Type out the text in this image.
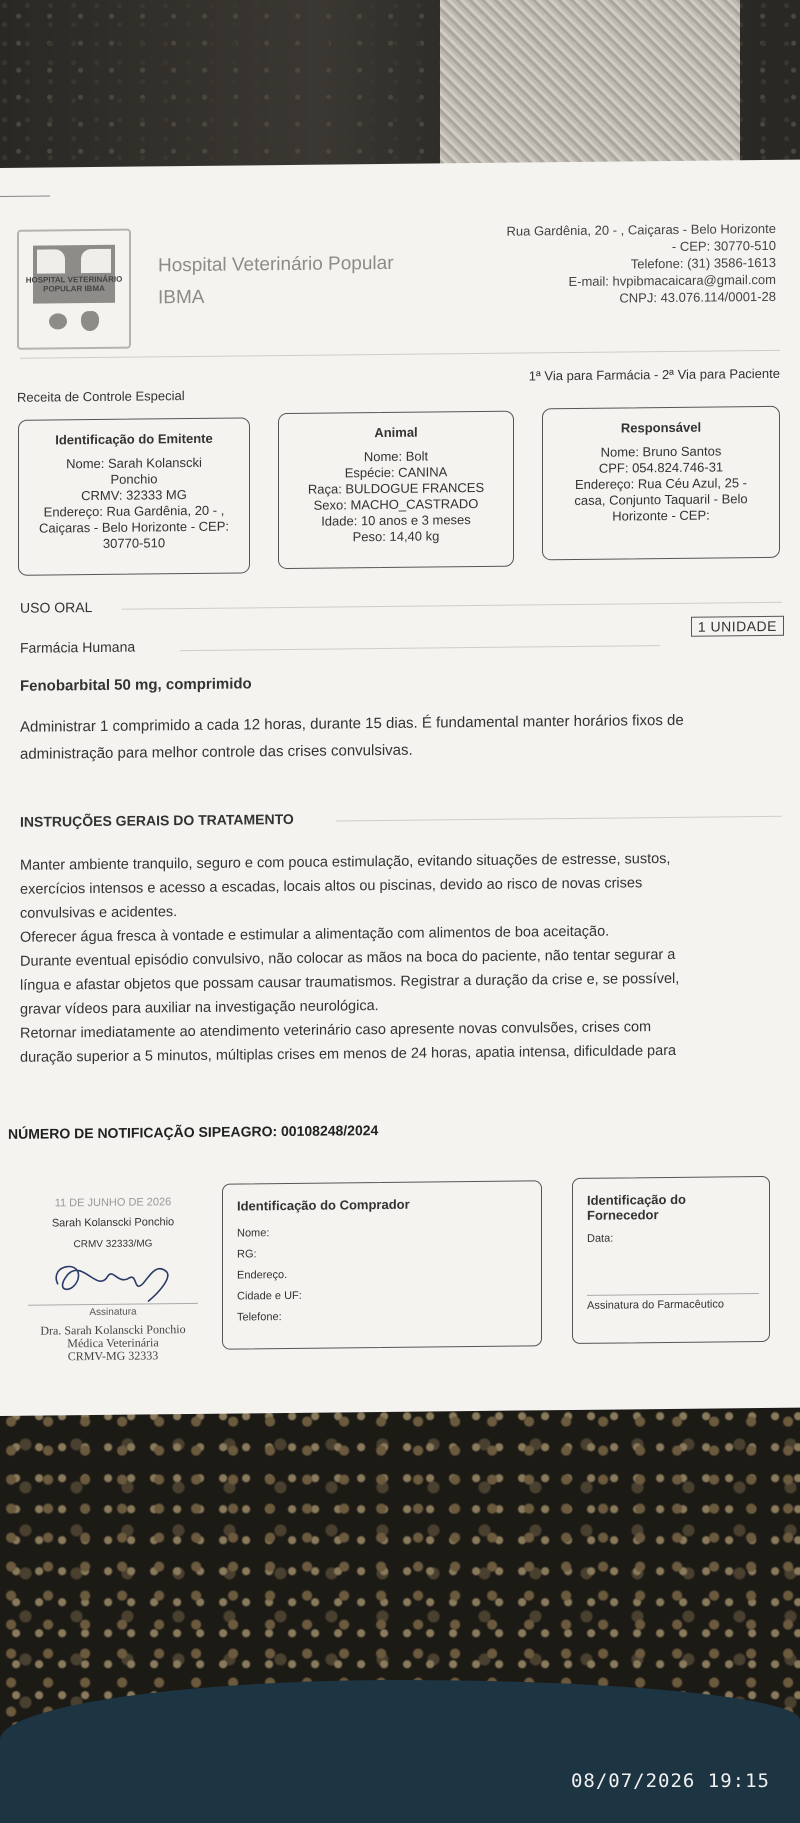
08/07/2026 19:15
HOSPITAL VETERINÁRIO POPULAR IBMA
Hospital Veterinário Popular
IBMA
Rua Gardênia, 20 - , Caiçaras - Belo Horizonte
- CEP: 30770-510
Telefone: (31) 3586-1613
E-mail: hvpibmacaicara@gmail.com
CNPJ: 43.076.114/0001-28
Receita de Controle Especial
1ª Via para Farmácia - 2ª Via para Paciente
Identificação do Emitente
Nome: Sarah Kolanscki
Ponchio
CRMV: 32333 MG
Endereço: Rua Gardênia, 20 - ,
Caiçaras - Belo Horizonte - CEP:
30770-510
Animal
Nome: Bolt
Espécie: CANINA
Raça: BULDOGUE FRANCES
Sexo: MACHO_CASTRADO
Idade: 10 anos e 3 meses
Peso: 14,40 kg
Responsável
Nome: Bruno Santos
CPF: 054.824.746-31
Endereço: Rua Céu Azul, 25 -
casa, Conjunto Taquaril - Belo
Horizonte - CEP:
USO ORAL
Farmácia Humana
1 UNIDADE
Fenobarbital 50 mg, comprimido
Administrar 1 comprimido a cada 12 horas, durante 15 dias. É fundamental manter horários fixos de
administração para melhor controle das crises convulsivas.
INSTRUÇÕES GERAIS DO TRATAMENTO
Manter ambiente tranquilo, seguro e com pouca estimulação, evitando situações de estresse, sustos,
exercícios intensos e acesso a escadas, locais altos ou piscinas, devido ao risco de novas crises
convulsivas e acidentes.
Oferecer água fresca à vontade e estimular a alimentação com alimentos de boa aceitação.
Durante eventual episódio convulsivo, não colocar as mãos na boca do paciente, não tentar segurar a
língua e afastar objetos que possam causar traumatismos. Registrar a duração da crise e, se possível,
gravar vídeos para auxiliar na investigação neurológica.
Retornar imediatamente ao atendimento veterinário caso apresente novas convulsões, crises com
duração superior a 5 minutos, múltiplas crises em menos de 24 horas, apatia intensa, dificuldade para
NÚMERO DE NOTIFICAÇÃO SIPEAGRO: 00108248/2024
11 DE JUNHO DE 2026
Sarah Kolanscki Ponchio
CRMV 32333/MG
Assinatura
Dra. Sarah Kolanscki Ponchio
Médica Veterinária
CRMV-MG 32333
Identificação do Comprador
Nome:
RG:
Endereço.
Cidade e UF:
Telefone:
Identificação do
Fornecedor
Data:
Assinatura do Farmacêutico
